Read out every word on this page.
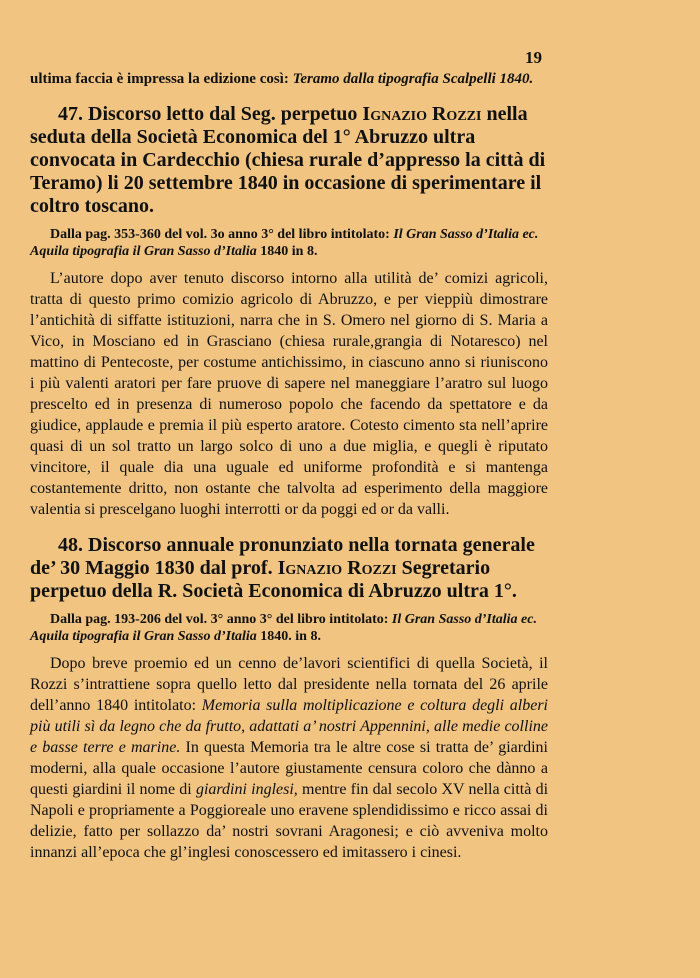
19
ultima faccia è impressa la edizione così: Teramo dalla tipografia Scalpelli 1840.
47. Discorso letto dal Seg. perpetuo Ignazio Rozzi nella seduta della Società Economica del 1° Abruzzo ultra convocata in Cardecchio (chiesa rurale d’appresso la città di Teramo) li 20 settembre 1840 in occasione di sperimentare il coltro toscano.
Dalla pag. 353-360 del vol. 3o anno 3° del libro intitolato: Il Gran Sasso d’Italia ec. Aquila tipografia il Gran Sasso d’Italia 1840 in 8.
L’autore dopo aver tenuto discorso intorno alla utilità de’ comizi agricoli, tratta di questo primo comizio agricolo di Abruzzo, e per vieppiù dimostrare l’antichità di siffatte istituzioni, narra che in S. Omero nel giorno di S. Maria a Vico, in Mosciano ed in Grasciano (chiesa rurale,grangia di Notaresco) nel mattino di Pentecoste, per costume antichissimo, in ciascuno anno si riuniscono i più valenti aratori per fare pruove di sapere nel maneggiare l’aratro sul luogo prescelto ed in presenza di numeroso popolo che facendo da spettatore e da giudice, applaude e premia il più esperto aratore. Cotesto cimento sta nell’aprire quasi di un sol tratto un largo solco di uno a due miglia, e quegli è riputato vincitore, il quale dia una uguale ed uniforme profondità e si mantenga costantemente dritto, non ostante che talvolta ad esperimento della maggiore valentia si prescelgano luoghi interrotti or da poggi ed or da valli.
48. Discorso annuale pronunziato nella tornata generale de’ 30 Maggio 1830 dal prof. Ignazio Rozzi Segretario perpetuo della R. Società Economica di Abruzzo ultra 1°.
Dalla pag. 193-206 del vol. 3° anno 3° del libro intitolato: Il Gran Sasso d’Italia ec. Aquila tipografia il Gran Sasso d’Italia 1840. in 8.
Dopo breve proemio ed un cenno de’lavori scientifici di quella Società, il Rozzi s’intrattiene sopra quello letto dal presidente nella tornata del 26 aprile dell’anno 1840 intitolato: Memoria sulla moltiplicazione e coltura degli alberi più utili sì da legno che da frutto, adattati a’ nostri Appennini, alle medie colline e basse terre e marine. In questa Memoria tra le altre cose si tratta de’ giardini moderni, alla quale occasione l’autore giustamente censura coloro che dànno a questi giardini il nome di giardini inglesi, mentre fin dal secolo XV nella città di Napoli e propriamente a Poggioreale uno eravene splendidissimo e ricco assai di delizie, fatto per sollazzo da’ nostri sovrani Aragonesi; e ciò avveniva molto innanzi all’epoca che gl’inglesi conoscessero ed imitassero i cinesi.
